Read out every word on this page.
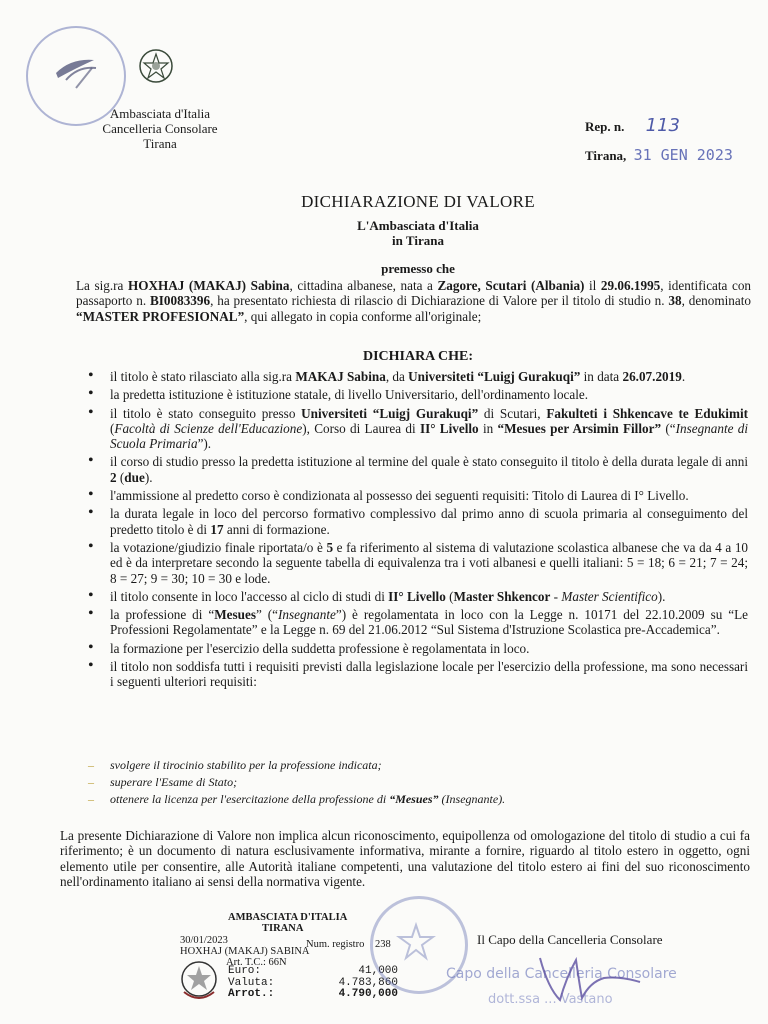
Ambasciata d'Italia
Cancelleria Consolare
Tirana
Rep. n. 113
Tirana, 31 GEN 2023
DICHIARAZIONE DI VALORE
L'Ambasciata d'Italia
in Tirana
premesso che
La sig.ra HOXHAJ (MAKAJ) Sabina, cittadina albanese, nata a Zagore, Scutari (Albania) il 29.06.1995, identificata con passaporto n. BI0083396, ha presentato richiesta di rilascio di Dichiarazione di Valore per il titolo di studio n. 38, denominato “MASTER PROFESIONAL”, qui allegato in copia conforme all'originale;
DICHIARA CHE:
• il titolo è stato rilasciato alla sig.ra MAKAJ Sabina, da Universiteti “Luigj Gurakuqi” in data 26.07.2019.
• la predetta istituzione è istituzione statale, di livello Universitario, dell'ordinamento locale.
• il titolo è stato conseguito presso Universiteti “Luigj Gurakuqi” di Scutari, Fakulteti i Shkencave te Edukimit (Facoltà di Scienze dell'Educazione), Corso di Laurea di II° Livello in “Mesues per Arsimin Fillor” (“Insegnante di Scuola Primaria”).
• il corso di studio presso la predetta istituzione al termine del quale è stato conseguito il titolo è della durata legale di anni 2 (due).
• l'ammissione al predetto corso è condizionata al possesso dei seguenti requisiti: Titolo di Laurea di I° Livello.
• la durata legale in loco del percorso formativo complessivo dal primo anno di scuola primaria al conseguimento del predetto titolo è di 17 anni di formazione.
• la votazione/giudizio finale riportata/o è 5 e fa riferimento al sistema di valutazione scolastica albanese che va da 4 a 10 ed è da interpretare secondo la seguente tabella di equivalenza tra i voti albanesi e quelli italiani: 5 = 18; 6 = 21; 7 = 24; 8 = 27; 9 = 30; 10 = 30 e lode.
• il titolo consente in loco l'accesso al ciclo di studi di II° Livello (Master Shkencor - Master Scientifico).
• la professione di “Mesues” (“Insegnante”) è regolamentata in loco con la Legge n. 10171 del 22.10.2009 su “Le Professioni Regolamentate” e la Legge n. 69 del 21.06.2012 “Sul Sistema d'Istruzione Scolastica pre-Accademica”.
• la formazione per l'esercizio della suddetta professione è regolamentata in loco.
• il titolo non soddisfa tutti i requisiti previsti dalla legislazione locale per l'esercizio della professione, ma sono necessari i seguenti ulteriori requisiti:
– svolgere il tirocinio stabilito per la professione indicata;
– superare l'Esame di Stato;
– ottenere la licenza per l'esercitazione della professione di “Mesues” (Insegnante).
La presente Dichiarazione di Valore non implica alcun riconoscimento, equipollenza od omologazione del titolo di studio a cui fa riferimento; è un documento di natura esclusivamente informativa, mirante a fornire, riguardo al titolo estero in oggetto, ogni elemento utile per consentire, alle Autorità italiane competenti, una valutazione del titolo estero ai fini del suo riconoscimento nell'ordinamento italiano ai sensi della normativa vigente.
AMBASCIATA D'ITALIA
TIRANA
30/01/2023
HOXHAJ (MAKAJ) SABINA
Art. T.C.: 66N
Num. registro 238
Euro:	41,000
Valuta:	4.783,860
Arrot.:	4.790,000
Il Capo della Cancelleria Consolare
Capo della Cancelleria Consolare
dott.ssa ... Vastano
